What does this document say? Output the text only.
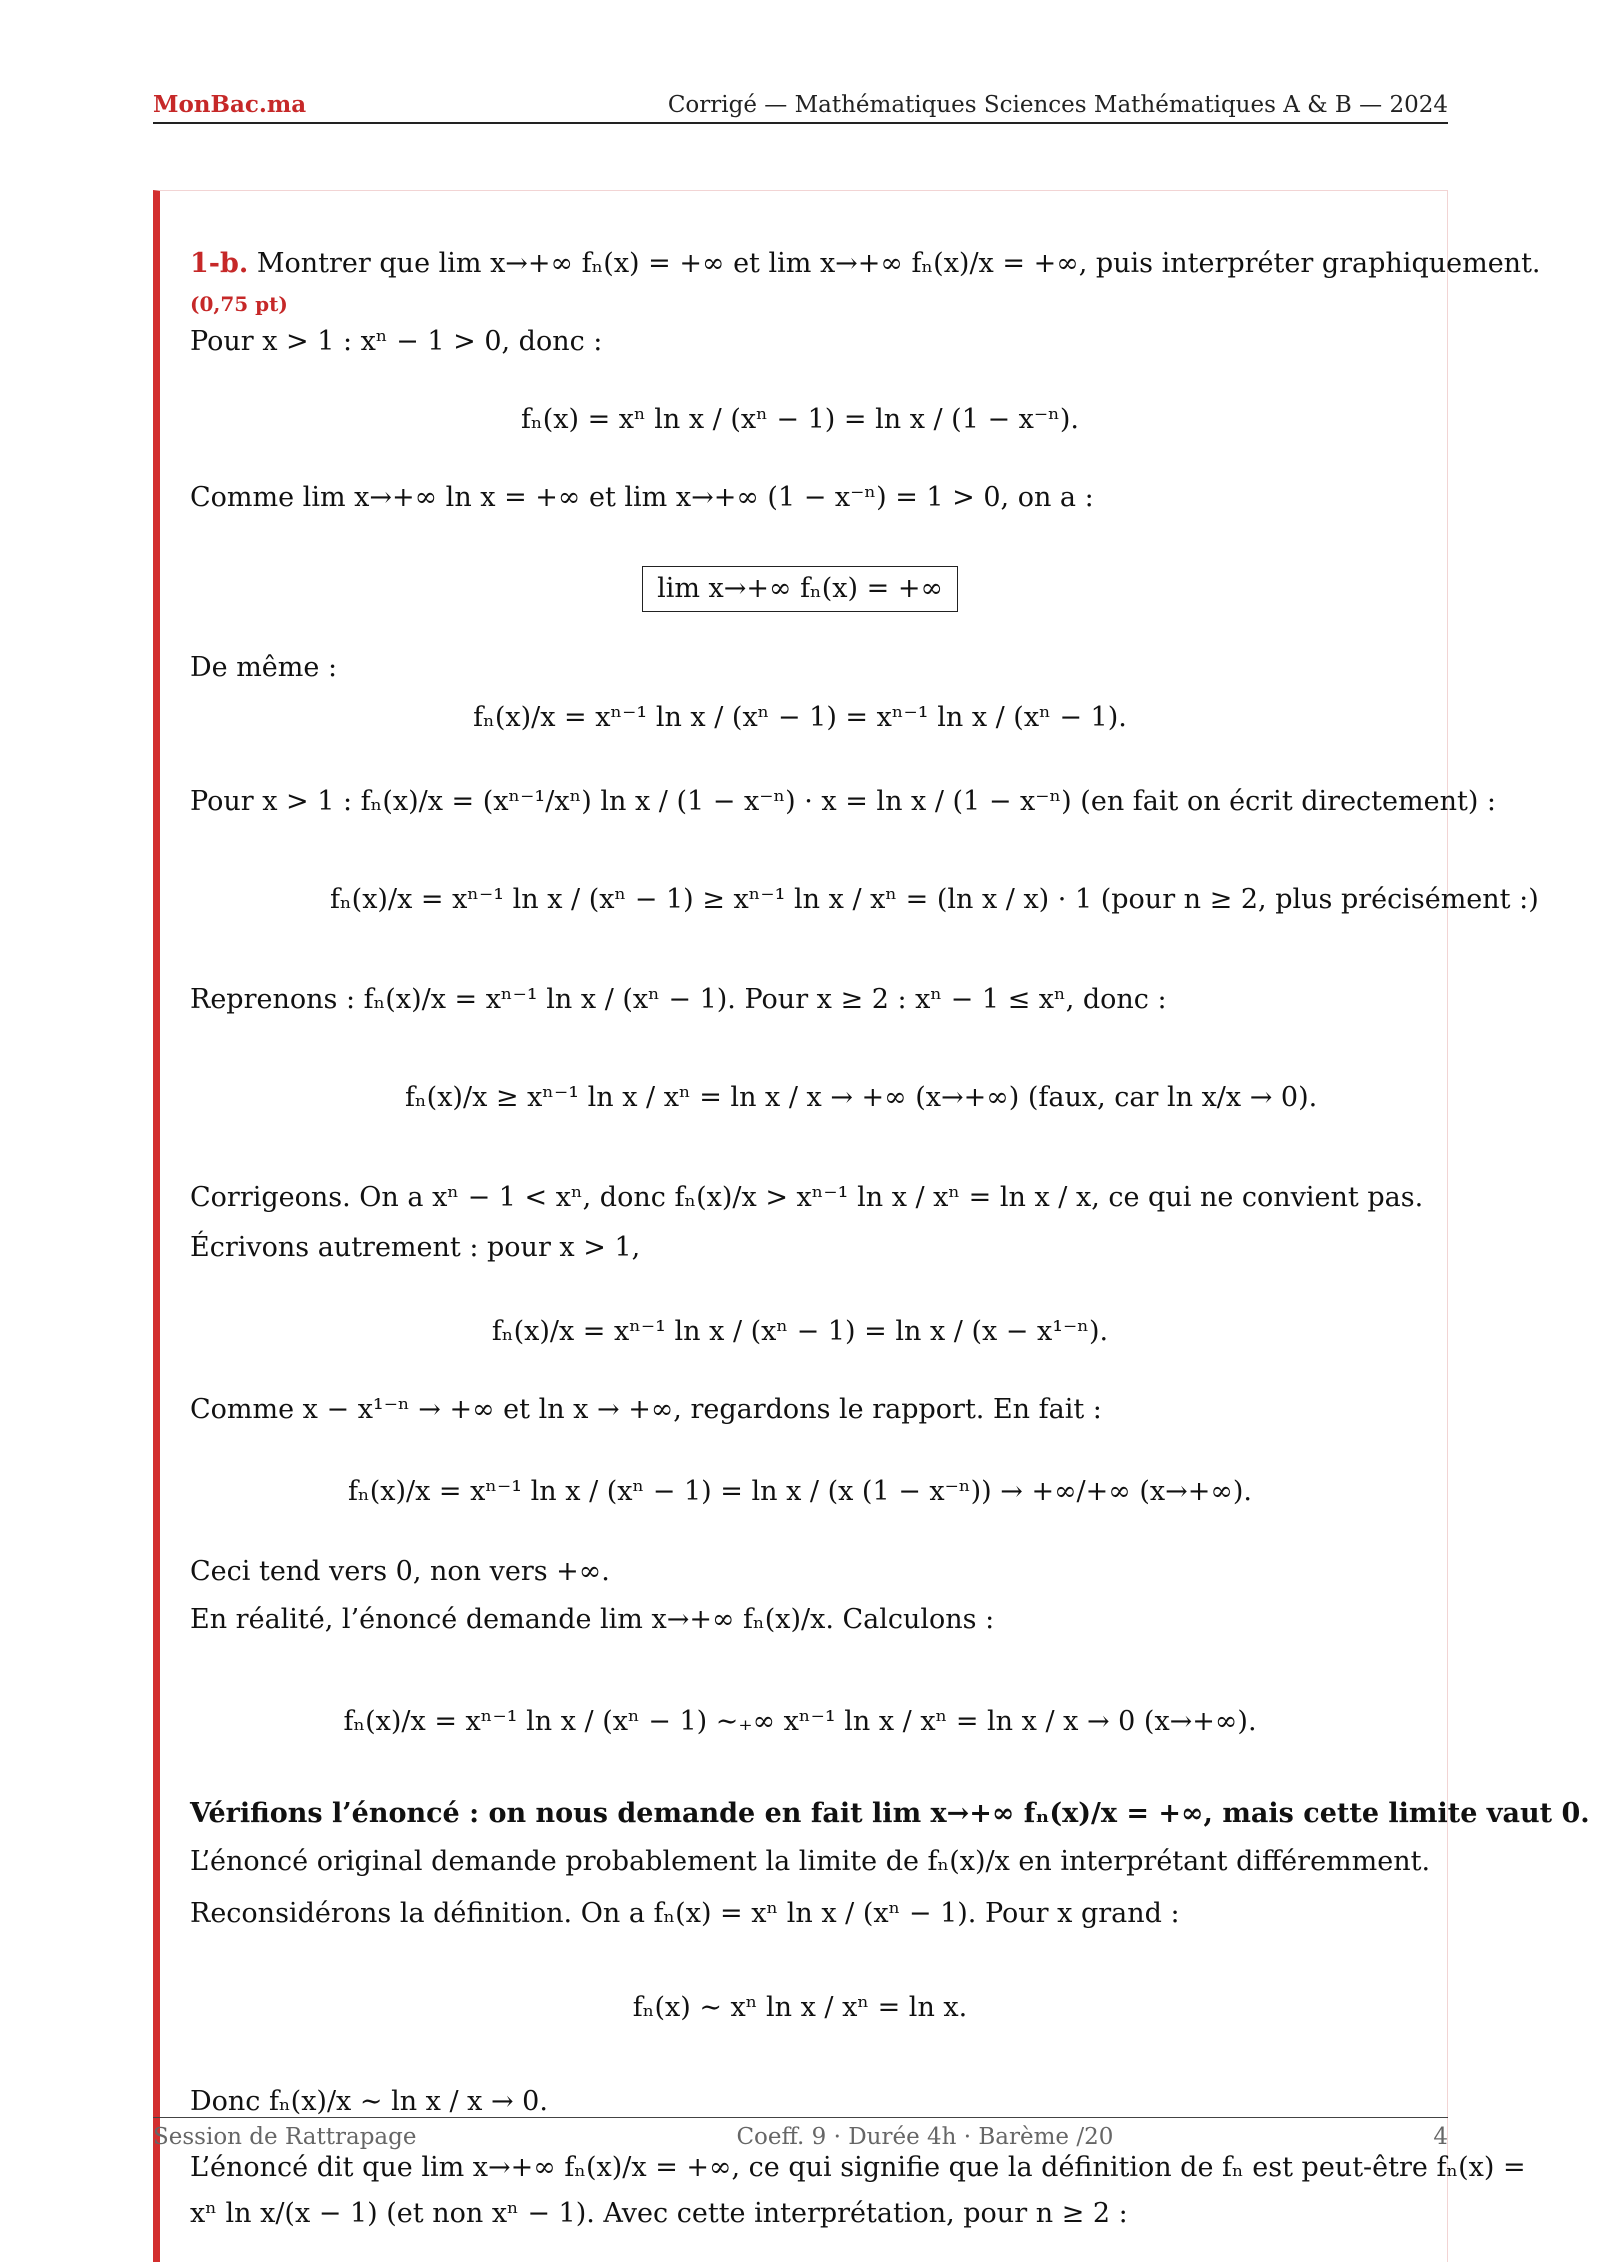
MonBac.ma	Corrigé — Mathématiques Sciences Mathématiques A & B — 2024
1-b. Montrer que lim x→+∞ fₙ(x) = +∞ et lim x→+∞ fₙ(x)/x = +∞, puis interpréter graphiquement.
(0,75 pt)
Pour x > 1 : xⁿ − 1 > 0, donc :
fₙ(x) = xⁿ ln x / (xⁿ − 1) = ln x / (1 − x⁻ⁿ).
Comme lim x→+∞ ln x = +∞ et lim x→+∞ (1 − x⁻ⁿ) = 1 > 0, on a :
lim x→+∞ fₙ(x) = +∞
De même :
fₙ(x)/x = xⁿ⁻¹ ln x / (xⁿ − 1) = xⁿ⁻¹ ln x / (xⁿ − 1).
Pour x > 1 : fₙ(x)/x = (xⁿ⁻¹/xⁿ) ln x / (1 − x⁻ⁿ) · x = ln x / (1 − x⁻ⁿ) (en fait on écrit directement) :
fₙ(x)/x = xⁿ⁻¹ ln x / (xⁿ − 1) ≥ xⁿ⁻¹ ln x / xⁿ = (ln x / x) · 1 (pour n ≥ 2, plus précisément :)
Reprenons : fₙ(x)/x = xⁿ⁻¹ ln x / (xⁿ − 1). Pour x ≥ 2 : xⁿ − 1 ≤ xⁿ, donc :
fₙ(x)/x ≥ xⁿ⁻¹ ln x / xⁿ = ln x / x → +∞ (x→+∞) (faux, car ln x/x → 0).
Corrigeons. On a xⁿ − 1 < xⁿ, donc fₙ(x)/x > xⁿ⁻¹ ln x / xⁿ = ln x / x, ce qui ne convient pas.
Écrivons autrement : pour x > 1,
fₙ(x)/x = xⁿ⁻¹ ln x / (xⁿ − 1) = ln x / (x − x¹⁻ⁿ).
Comme x − x¹⁻ⁿ → +∞ et ln x → +∞, regardons le rapport. En fait :
fₙ(x)/x = xⁿ⁻¹ ln x / (xⁿ − 1) = ln x / (x (1 − x⁻ⁿ)) → +∞/+∞ (x→+∞).
Ceci tend vers 0, non vers +∞.
En réalité, l’énoncé demande lim x→+∞ fₙ(x)/x. Calculons :
fₙ(x)/x = xⁿ⁻¹ ln x / (xⁿ − 1) ∼₊∞ xⁿ⁻¹ ln x / xⁿ = ln x / x → 0 (x→+∞).
Vérifions l’énoncé : on nous demande en fait lim x→+∞ fₙ(x)/x = +∞, mais cette limite vaut 0.
L’énoncé original demande probablement la limite de fₙ(x)/x en interprétant différemment.
Reconsidérons la définition. On a fₙ(x) = xⁿ ln x / (xⁿ − 1). Pour x grand :
fₙ(x) ∼ xⁿ ln x / xⁿ = ln x.
Donc fₙ(x)/x ∼ ln x / x → 0.
L’énoncé dit que lim x→+∞ fₙ(x)/x = +∞, ce qui signifie que la définition de fₙ est peut-être fₙ(x) =
xⁿ ln x/(x − 1) (et non xⁿ − 1). Avec cette interprétation, pour n ≥ 2 :
Session de Rattrapage	Coeff. 9 · Durée 4h · Barème /20	4
